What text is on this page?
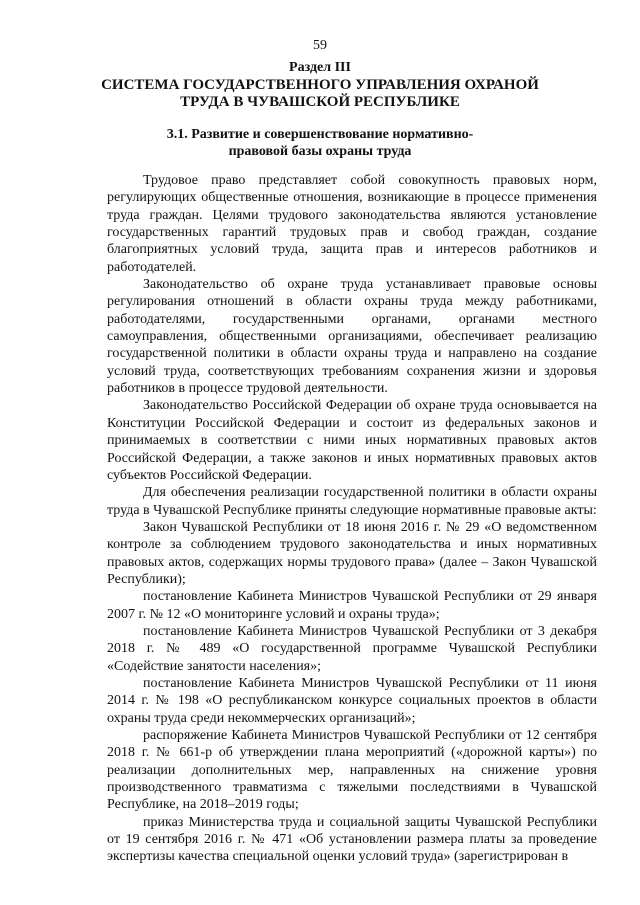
59
Раздел III
СИСТЕМА ГОСУДАРСТВЕННОГО УПРАВЛЕНИЯ ОХРАНОЙ ТРУДА В ЧУВАШСКОЙ РЕСПУБЛИКЕ
3.1. Развитие и совершенствование нормативно-правовой базы охраны труда

Трудовое право представляет собой совокупность правовых норм, регулирующих общественные отношения, возникающие в процессе применения труда граждан. Целями трудового законодательства являются установление государственных гарантий трудовых прав и свобод граждан, создание благоприятных условий труда, защита прав и интересов работников и работодателей.

Законодательство об охране труда устанавливает правовые основы регулирования отношений в области охраны труда между работниками, работодателями, государственными органами, органами местного самоуправления, общественными организациями, обеспечивает реализацию государственной политики в области охраны труда и направлено на создание условий труда, соответствующих требованиям сохранения жизни и здоровья работников в процессе трудовой деятельности.

Законодательство Российской Федерации об охране труда основывается на Конституции Российской Федерации и состоит из федеральных законов и принимаемых в соответствии с ними иных нормативных правовых актов Российской Федерации, а также законов и иных нормативных правовых актов субъектов Российской Федерации.

Для обеспечения реализации государственной политики в области охраны труда в Чувашской Республике приняты следующие нормативные правовые акты:

Закон Чувашской Республики от 18 июня 2016 г. № 29 «О ведомственном контроле за соблюдением трудового законодательства и иных нормативных правовых актов, содержащих нормы трудового права» (далее – Закон Чувашской Республики);

постановление Кабинета Министров Чувашской Республики от 29 января 2007 г. № 12 «О мониторинге условий и охраны труда»;

постановление Кабинета Министров Чувашской Республики от 3 декабря 2018 г. № 489 «О государственной программе Чувашской Республики «Содействие занятости населения»;

постановление Кабинета Министров Чувашской Республики от 11 июня 2014 г. № 198 «О республиканском конкурсе социальных проектов в области охраны труда среди некоммерческих организаций»;

распоряжение Кабинета Министров Чувашской Республики от 12 сентября 2018 г. № 661-р об утверждении плана мероприятий («дорожной карты») по реализации дополнительных мер, направленных на снижение уровня производственного травматизма с тяжелыми последствиями в Чувашской Республике, на 2018–2019 годы;

приказ Министерства труда и социальной защиты Чувашской Республики от 19 сентября 2016 г. № 471 «Об установлении размера платы за проведение экспертизы качества специальной оценки условий труда» (зарегистрирован в
